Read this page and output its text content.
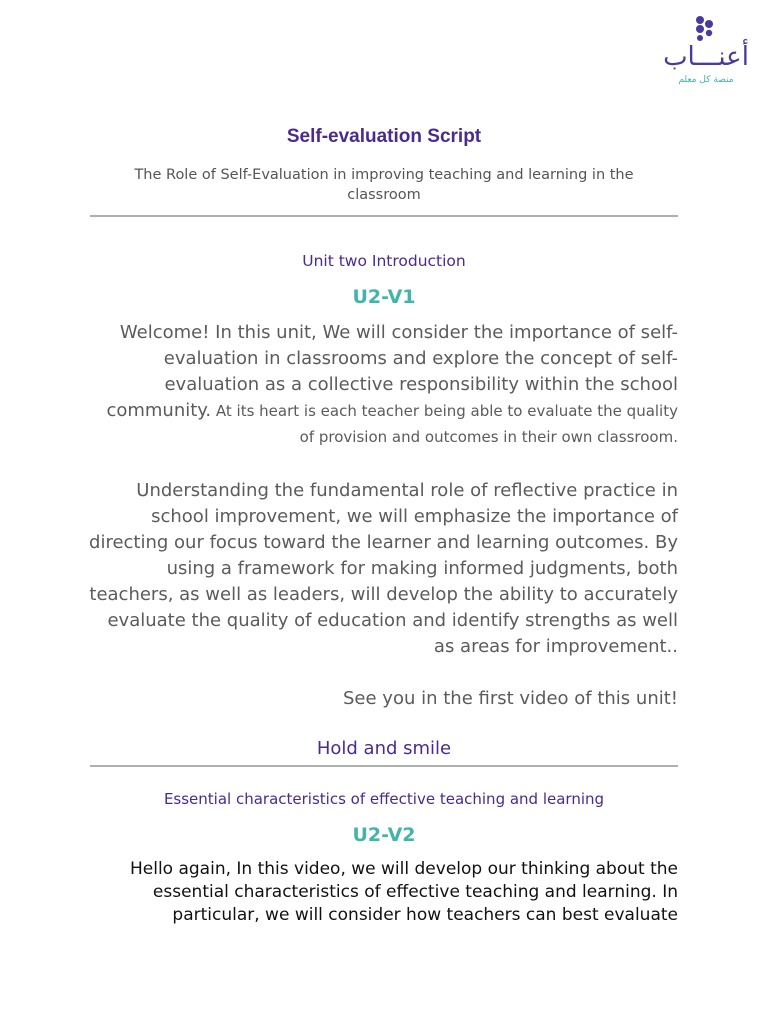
أعنـــاب
منصة كل معلم
Self-evaluation Script
The Role of Self-Evaluation in improving teaching and learning in the classroom
Unit two Introduction
U2-V1
Welcome! In this unit, We will consider the importance of self-evaluation in classrooms and explore the concept of self-evaluation as a collective responsibility within the school community. At its heart is each teacher being able to evaluate the quality of provision and outcomes in their own classroom.
Understanding the fundamental role of reflective practice in school improvement, we will emphasize the importance of directing our focus toward the learner and learning outcomes. By using a framework for making informed judgments, both teachers, as well as leaders, will develop the ability to accurately evaluate the quality of education and identify strengths as well as areas for improvement..
See you in the first video of this unit!
Hold and smile
Essential characteristics of effective teaching and learning
U2-V2
Hello again, In this video, we will develop our thinking about the essential characteristics of effective teaching and learning. In particular, we will consider how teachers can best evaluate
